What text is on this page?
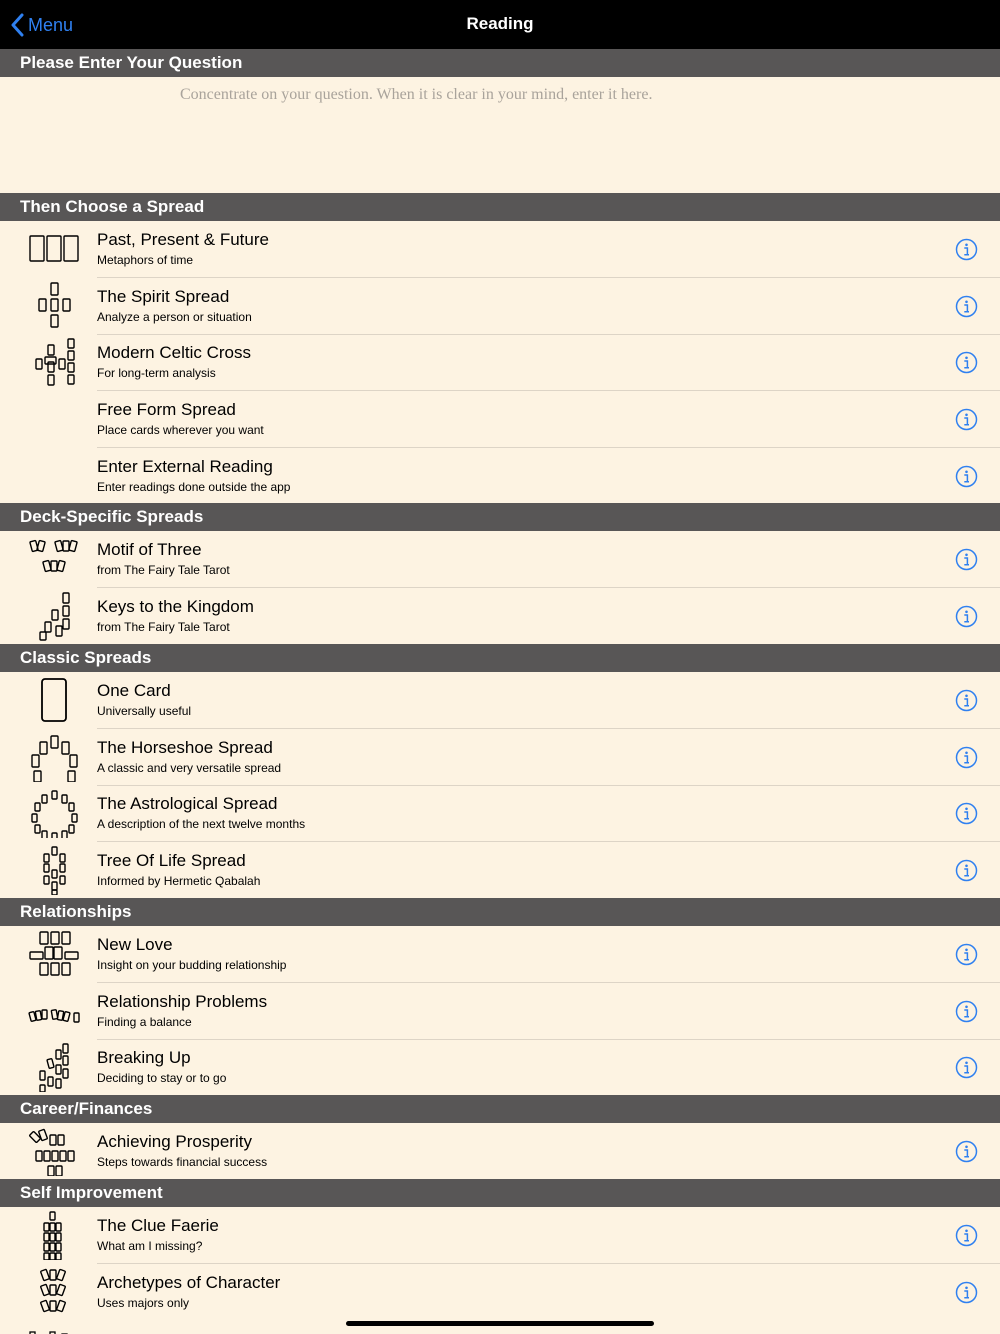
Menu	Reading
Please Enter Your Question
Concentrate on your question. When it is clear in your mind, enter it here.
Then Choose a Spread
Past, Present & Future
Metaphors of time
The Spirit Spread
Analyze a person or situation
Modern Celtic Cross
For long-term analysis
Free Form Spread
Place cards wherever you want
Enter External Reading
Enter readings done outside the app
Deck-Specific Spreads
Motif of Three
from The Fairy Tale Tarot
Keys to the Kingdom
from The Fairy Tale Tarot
Classic Spreads
One Card
Universally useful
The Horseshoe Spread
A classic and very versatile spread
The Astrological Spread
A description of the next twelve months
Tree Of Life Spread
Informed by Hermetic Qabalah
Relationships
New Love
Insight on your budding relationship
Relationship Problems
Finding a balance
Breaking Up
Deciding to stay or to go
Career/Finances
Achieving Prosperity
Steps towards financial success
Self Improvement
The Clue Faerie
What am I missing?
Archetypes of Character
Uses majors only
